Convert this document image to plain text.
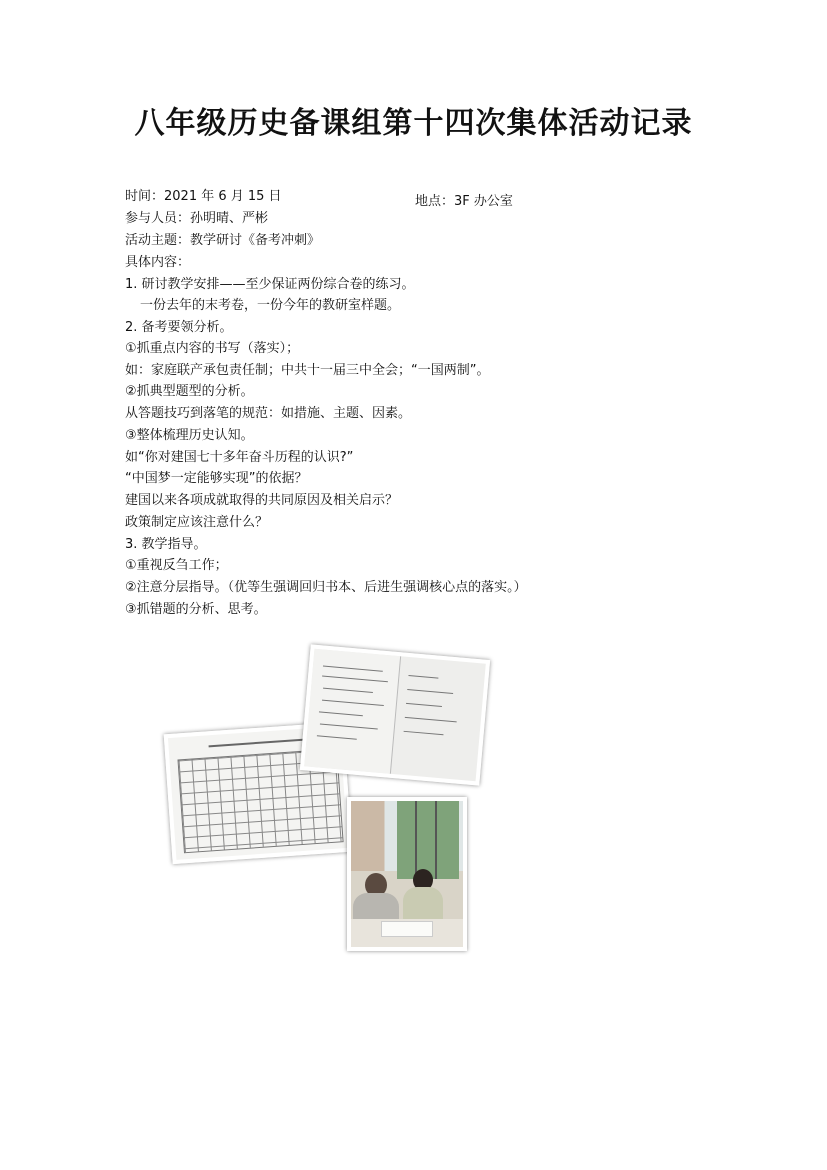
八年级历史备课组第十四次集体活动记录
时间：2021 年 6 月 15 日	地点：3F 办公室
参与人员：孙明晴、严彬
活动主题：教学研讨《备考冲刺》
具体内容：
1. 研讨教学安排——至少保证两份综合卷的练习。
一份去年的末考卷，一份今年的教研室样题。
2. 备考要领分析。
①抓重点内容的书写（落实）；
如：家庭联产承包责任制；中共十一届三中全会；“一国两制”。
②抓典型题型的分析。
从答题技巧到落笔的规范：如措施、主题、因素。
③整体梳理历史认知。
如“你对建国七十多年奋斗历程的认识?”
“中国梦一定能够实现”的依据？
建国以来各项成就取得的共同原因及相关启示？
政策制定应该注意什么？
3. 教学指导。
①重视反刍工作；
②注意分层指导。（优等生强调回归书本、后进生强调核心点的落实。）
③抓错题的分析、思考。
